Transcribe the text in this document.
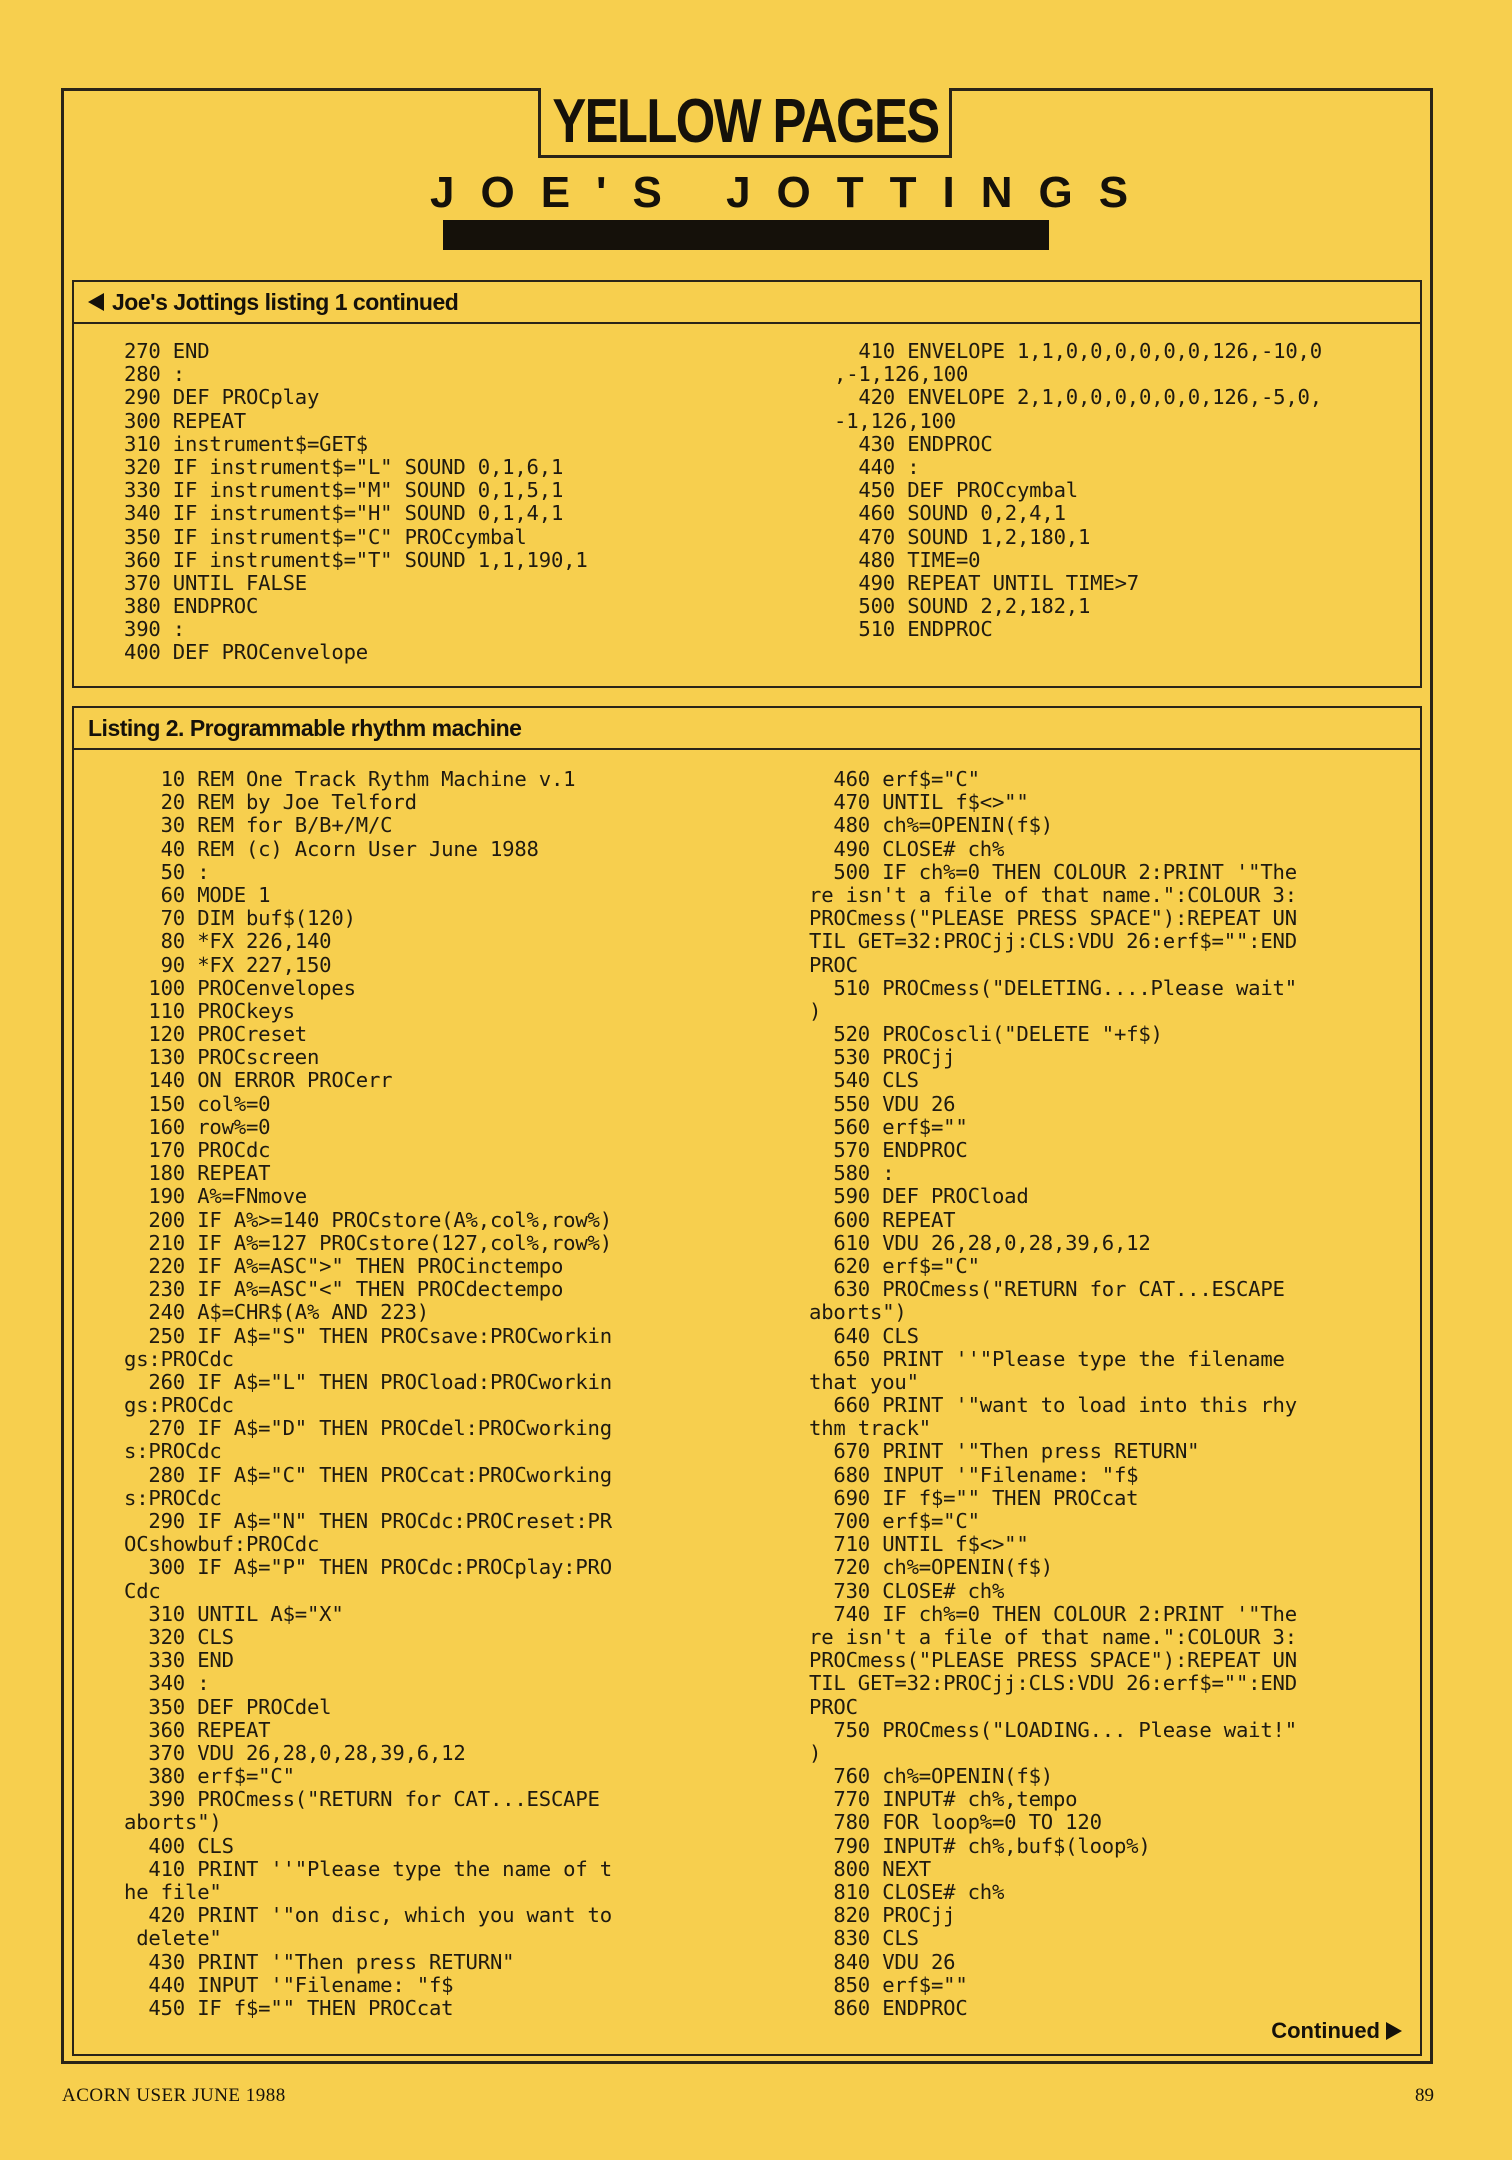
YELLOW PAGES
JOE'S JOTTINGS
Joe's Jottings listing 1 continued
270 END
280 :
290 DEF PROCplay
300 REPEAT
310 instrument$=GET$
320 IF instrument$="L" SOUND 0,1,6,1
330 IF instrument$="M" SOUND 0,1,5,1
340 IF instrument$="H" SOUND 0,1,4,1
350 IF instrument$="C" PROCcymbal
360 IF instrument$="T" SOUND 1,1,190,1
370 UNTIL FALSE
380 ENDPROC
390 :
400 DEF PROCenvelope
410 ENVELOPE 1,1,0,0,0,0,0,0,126,-10,0
,-1,126,100
420 ENVELOPE 2,1,0,0,0,0,0,0,126,-5,0,
-1,126,100
430 ENDPROC
440 :
450 DEF PROCcymbal
460 SOUND 0,2,4,1
470 SOUND 1,2,180,1
480 TIME=0
490 REPEAT UNTIL TIME>7
500 SOUND 2,2,182,1
510 ENDPROC
Listing 2. Programmable rhythm machine
10 REM One Track Rythm Machine v.1
20 REM by Joe Telford
30 REM for B/B+/M/C
40 REM (c) Acorn User June 1988
50 :
60 MODE 1
70 DIM buf$(120)
80 *FX 226,140
90 *FX 227,150
100 PROCenvelopes
110 PROCkeys
120 PROCreset
130 PROCscreen
140 ON ERROR PROCerr
150 col%=0
160 row%=0
170 PROCdc
180 REPEAT
190 A%=FNmove
200 IF A%>=140 PROCstore(A%,col%,row%)
210 IF A%=127 PROCstore(127,col%,row%)
220 IF A%=ASC">" THEN PROCinctempo
230 IF A%=ASC"<" THEN PROCdectempo
240 A$=CHR$(A% AND 223)
250 IF A$="S" THEN PROCsave:PROCworkin
gs:PROCdc
260 IF A$="L" THEN PROCload:PROCworkin
gs:PROCdc
270 IF A$="D" THEN PROCdel:PROCworking
s:PROCdc
280 IF A$="C" THEN PROCcat:PROCworking
s:PROCdc
290 IF A$="N" THEN PROCdc:PROCreset:PR
OCshowbuf:PROCdc
300 IF A$="P" THEN PROCdc:PROCplay:PRO
Cdc
310 UNTIL A$="X"
320 CLS
330 END
340 :
350 DEF PROCdel
360 REPEAT
370 VDU 26,28,0,28,39,6,12
380 erf$="C"
390 PROCmess("RETURN for CAT...ESCAPE
aborts")
400 CLS
410 PRINT ''"Please type the name of t
he file"
420 PRINT '"on disc, which you want to
delete"
430 PRINT '"Then press RETURN"
440 INPUT '"Filename: "f$
450 IF f$="" THEN PROCcat
460 erf$="C"
470 UNTIL f$<>""
480 ch%=OPENIN(f$)
490 CLOSE# ch%
500 IF ch%=0 THEN COLOUR 2:PRINT '"The
re isn't a file of that name.":COLOUR 3:
PROCmess("PLEASE PRESS SPACE"):REPEAT UN
TIL GET=32:PROCjj:CLS:VDU 26:erf$="":END
PROC
510 PROCmess("DELETING....Please wait"
)
520 PROCoscli("DELETE "+f$)
530 PROCjj
540 CLS
550 VDU 26
560 erf$=""
570 ENDPROC
580 :
590 DEF PROCload
600 REPEAT
610 VDU 26,28,0,28,39,6,12
620 erf$="C"
630 PROCmess("RETURN for CAT...ESCAPE
aborts")
640 CLS
650 PRINT ''"Please type the filename
that you"
660 PRINT '"want to load into this rhy
thm track"
670 PRINT '"Then press RETURN"
680 INPUT '"Filename: "f$
690 IF f$="" THEN PROCcat
700 erf$="C"
710 UNTIL f$<>""
720 ch%=OPENIN(f$)
730 CLOSE# ch%
740 IF ch%=0 THEN COLOUR 2:PRINT '"The
re isn't a file of that name.":COLOUR 3:
PROCmess("PLEASE PRESS SPACE"):REPEAT UN
TIL GET=32:PROCjj:CLS:VDU 26:erf$="":END
PROC
750 PROCmess("LOADING... Please wait!"
)
760 ch%=OPENIN(f$)
770 INPUT# ch%,tempo
780 FOR loop%=0 TO 120
790 INPUT# ch%,buf$(loop%)
800 NEXT
810 CLOSE# ch%
820 PROCjj
830 CLS
840 VDU 26
850 erf$=""
860 ENDPROC
Continued
ACORN USER JUNE 1988	89
